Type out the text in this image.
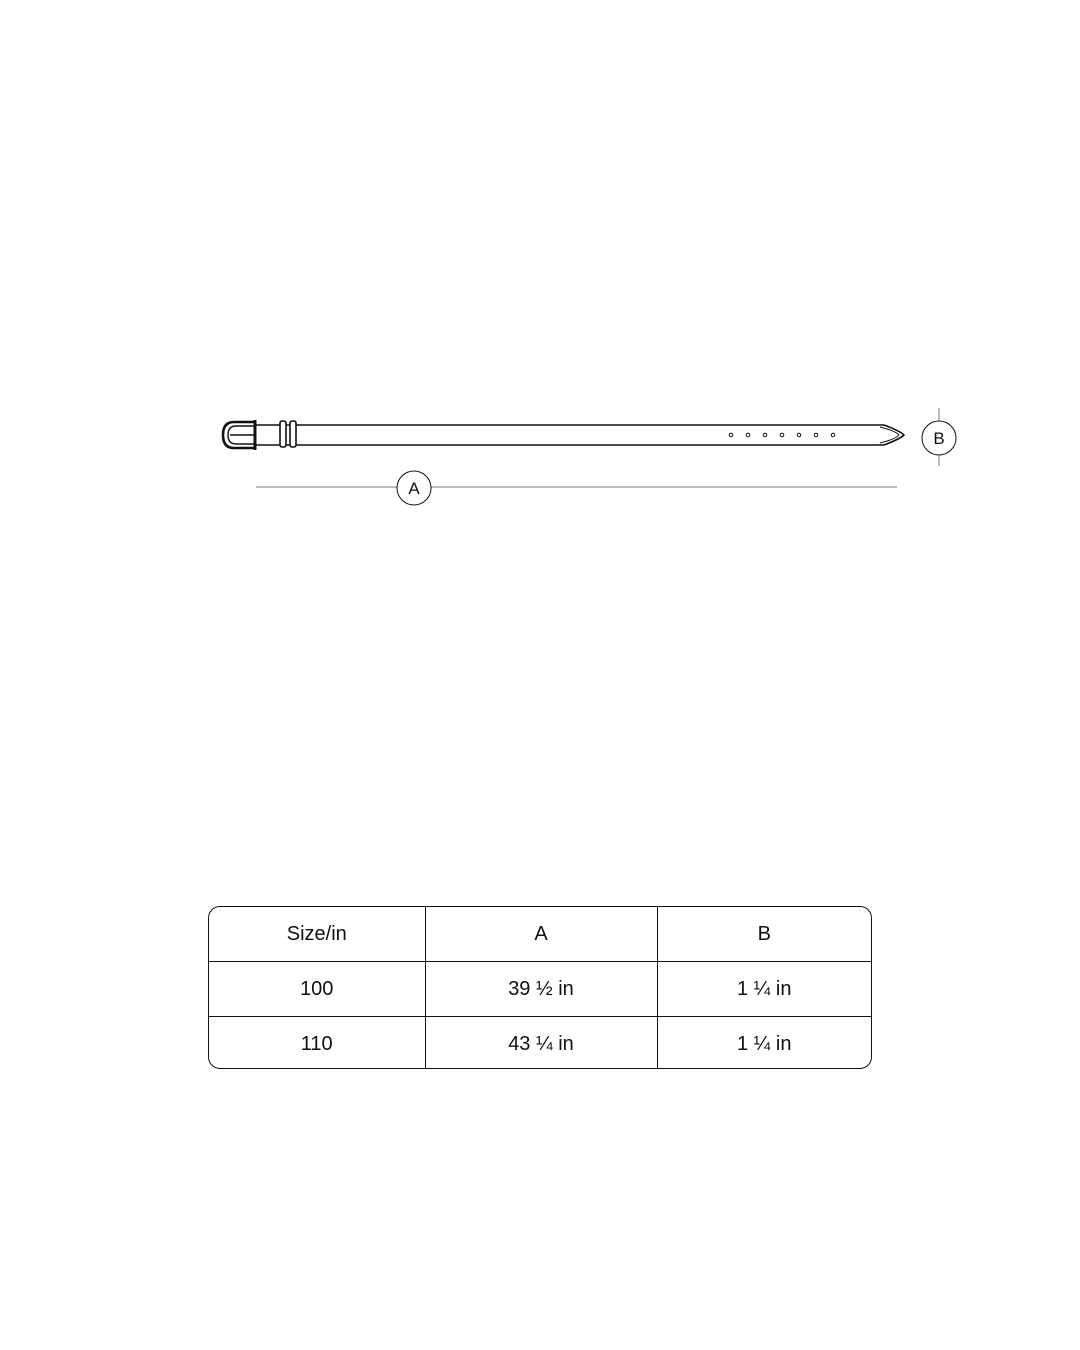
A
B
Size/in	A	B
100	39 ½ in	1 ¼ in
110	43 ¼ in	1 ¼ in
